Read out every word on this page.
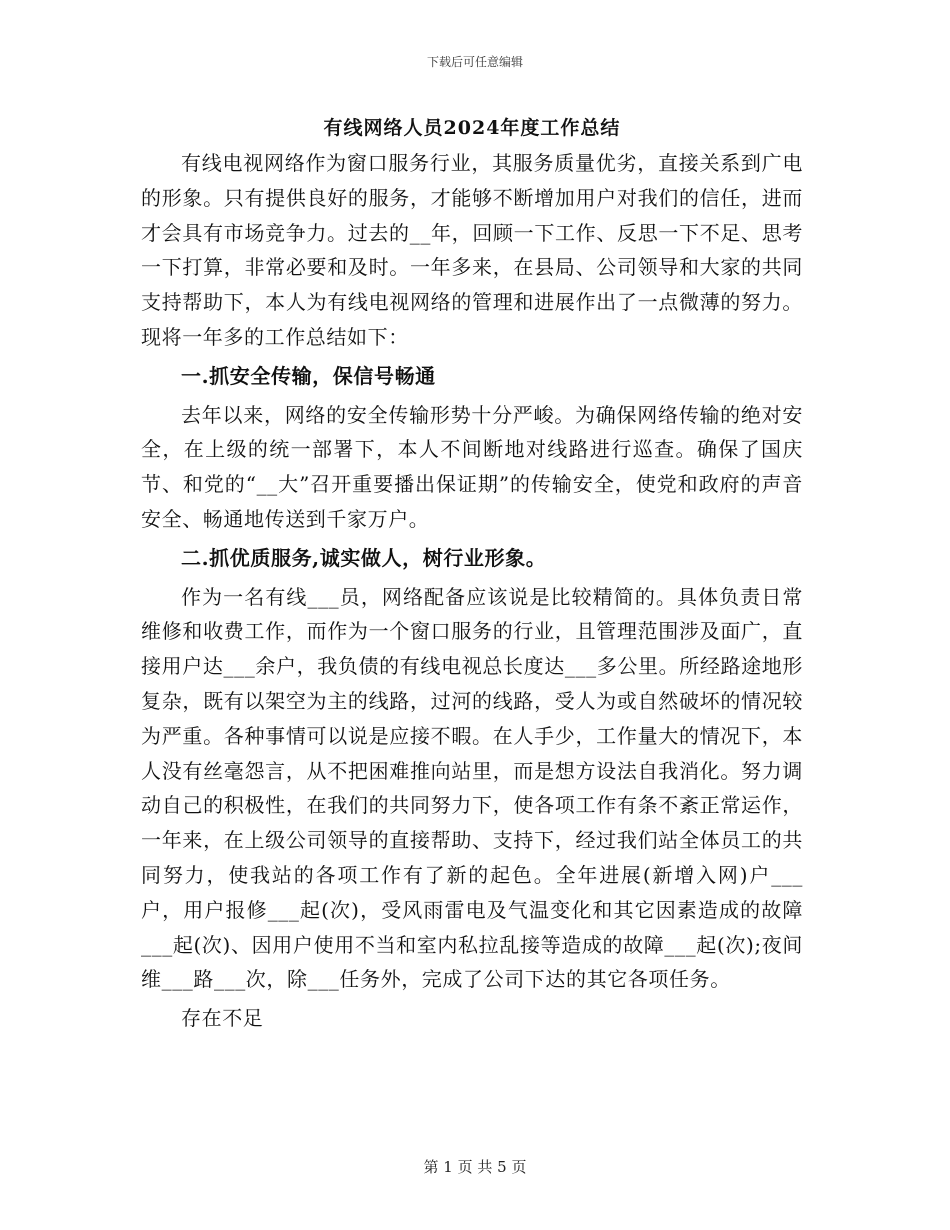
下载后可任意编辑
有线网络人员2024年度工作总结

有线电视网络作为窗口服务行业，其服务质量优劣，直接关系到广电的形象。只有提供良好的服务，才能够不断增加用户对我们的信任，进而才会具有市场竞争力。过去的__年，回顾一下工作、反思一下不足、思考一下打算，非常必要和及时。一年多来，在县局、公司领导和大家的共同支持帮助下，本人为有线电视网络的管理和进展作出了一点微薄的努力。现将一年多的工作总结如下：

一.抓安全传输，保信号畅通

去年以来，网络的安全传输形势十分严峻。为确保网络传输的绝对安全，在上级的统一部署下，本人不间断地对线路进行巡查。确保了国庆节、和党的“__大”召开重要播出保证期”的传输安全，使党和政府的声音安全、畅通地传送到千家万户。

二.抓优质服务,诚实做人，树行业形象。

作为一名有线___员，网络配备应该说是比较精简的。具体负责日常维修和收费工作，而作为一个窗口服务的行业，且管理范围涉及面广，直接用户达___余户，我负债的有线电视总长度达___多公里。所经路途地形复杂，既有以架空为主的线路，过河的线路，受人为或自然破坏的情况较为严重。各种事情可以说是应接不暇。在人手少，工作量大的情况下，本人没有丝毫怨言，从不把困难推向站里，而是想方设法自我消化。努力调动自己的积极性，在我们的共同努力下，使各项工作有条不紊正常运作，一年来，在上级公司领导的直接帮助、支持下，经过我们站全体员工的共同努力，使我站的各项工作有了新的起色。全年进展(新增入网)户___户，用户报修___起(次)，受风雨雷电及气温变化和其它因素造成的故障___起(次)、因用户使用不当和室内私拉乱接等造成的故障___起(次);夜间维___路___次，除___任务外，完成了公司下达的其它各项任务。

存在不足

第 1 页 共 5 页
